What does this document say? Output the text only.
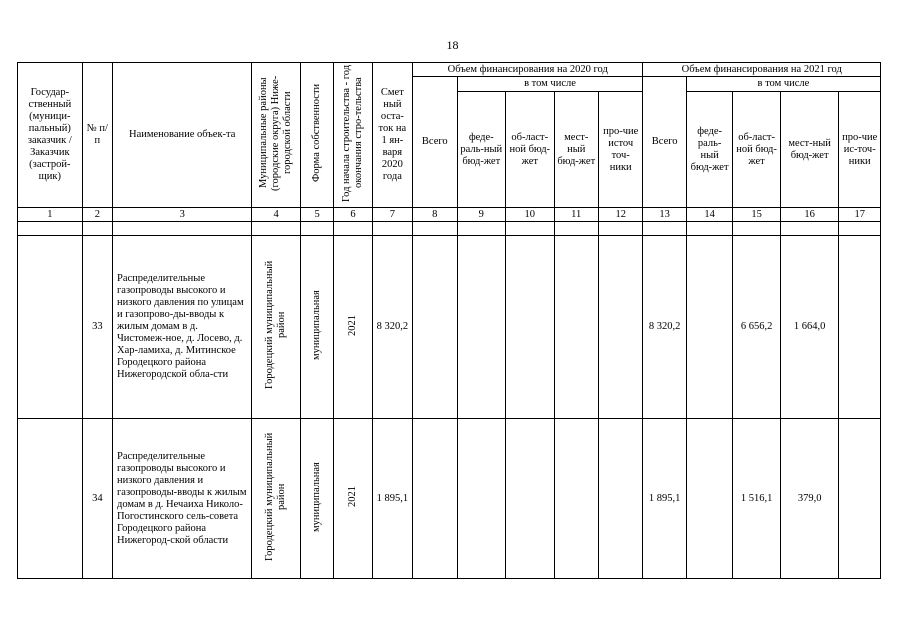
18
Государ-ственный (муници-пальный) заказчик /Заказчик (застрой-щик)	№ п/п	Наименование объек-та	Муниципальные районы (городские округа) Ниже-городской области	Форма собственности	Год начала строительства - год окончания стро-тельства	Смет ный оста-ток на 1 ян-варя 2020 года	Объем финансирования на 2020 год					Объем финансирования на 2021 год				
							Всего	в том числе				Всего	в том числе			
								феде-раль-ный бюд-жет	об-ласт-ной бюд-жет	мест-ный бюд-жет	про-чие источ точ-ники		феде-раль-ный бюд-жет	об-ласт-ной бюд-жет	мест-ный бюд-жет	про-чие ис-точ-ники
1	2	3	4	5	6	7	8	9	10	11	12	13	14	15	16	17

	33	Распределительные газопроводы высокого и низкого давления по улицам и газопрово-ды-вводы к жилым домам в д. Чистомеж-ное, д. Лосево, д. Хар-ламиха, д. Митинское Городецкого района Нижегородской обла-сти	Городецкий муниципальный район	муниципальная	2021	8 320,2						8 320,2		6 656,2	1 664,0	
	34	Распределительные газопроводы высокого и низкого давления и газопроводы-вводы к жилым домам в д. Нечаиха Николо-Погостинского сель-совета Городецкого района Нижегород-ской области	Городецкий муниципальный район	муниципальная	2021	1 895,1						1 895,1		1 516,1	379,0	
